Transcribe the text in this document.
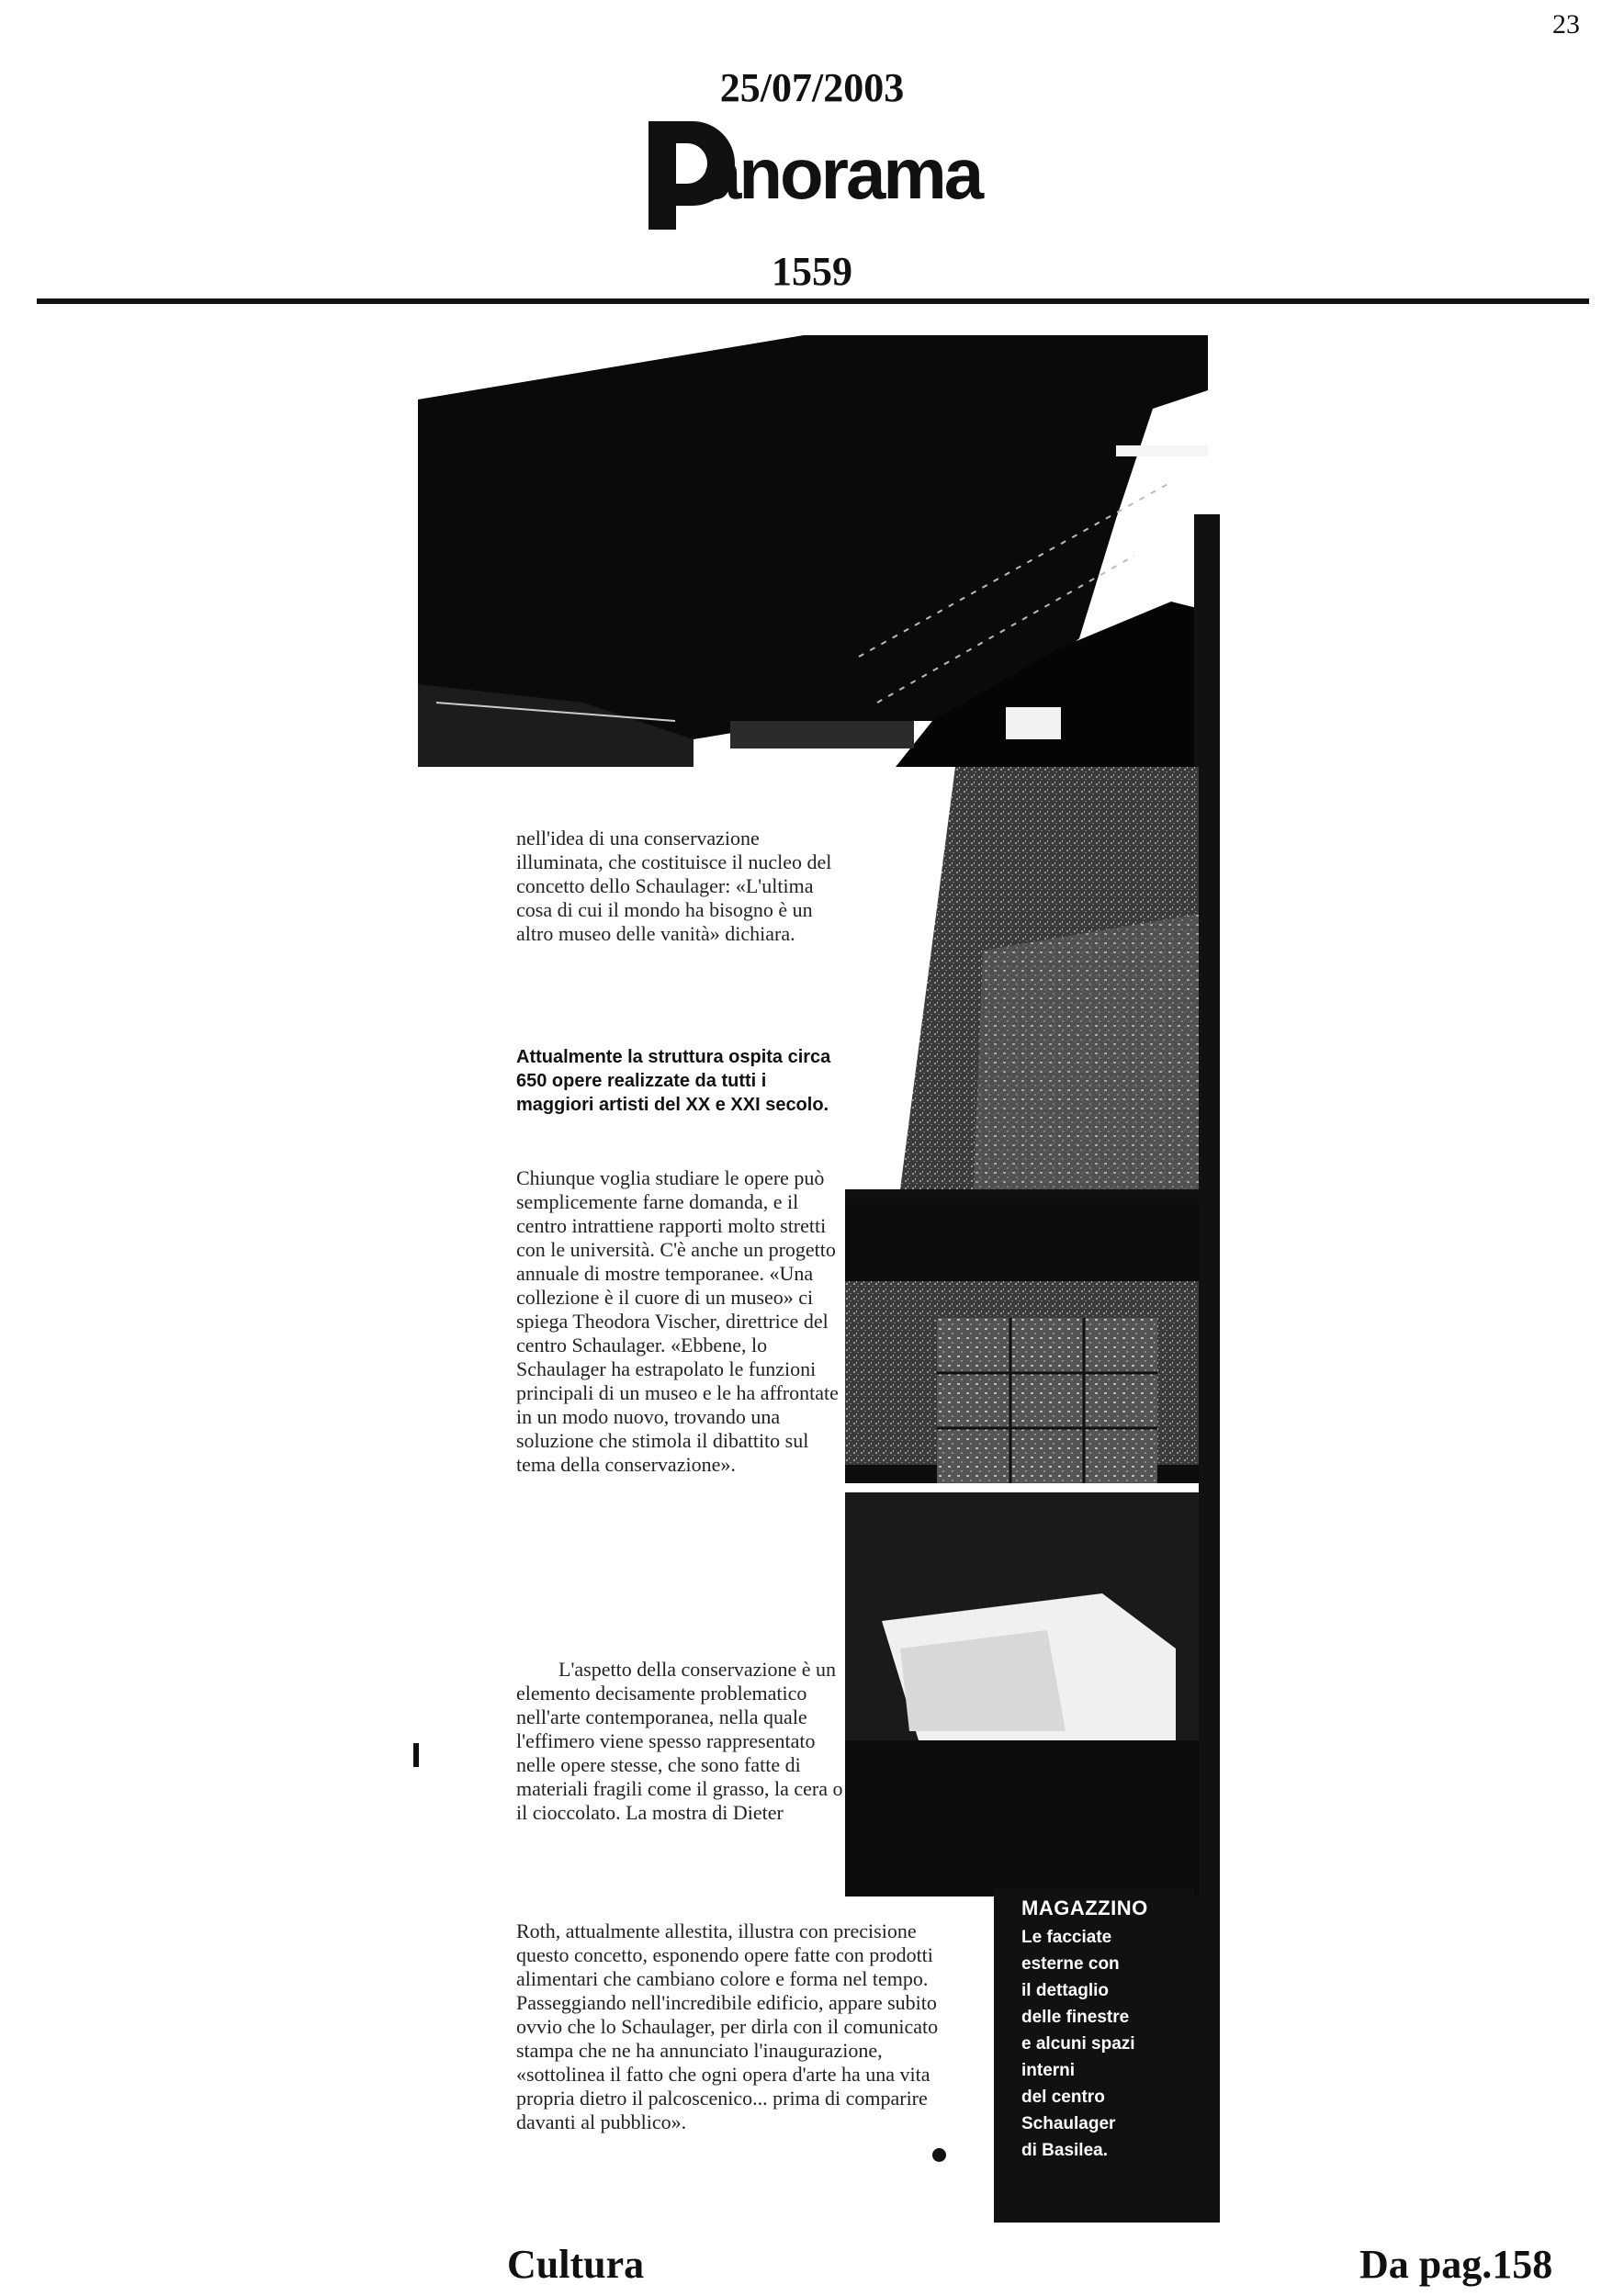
23
25/07/2003
anorama
1559
MAGAZZINO
Le facciate
esterne con
il dettaglio
delle finestre
e alcuni spazi
interni
del centro
Schaulager
di Basilea.
nell'idea di una conservazione illuminata, che costituisce il nucleo del concetto dello Schaulager: «L'ultima cosa di cui il mondo ha bisogno è un altro museo delle vanità» dichiara.
Attualmente la struttura ospita circa 650 opere realizzate da tutti i maggiori artisti del XX e XXI secolo.
Chiunque voglia studiare le opere può semplicemente farne domanda, e il centro intrattiene rapporti molto stretti con le università. C'è anche un progetto annuale di mostre temporanee. «Una collezione è il cuore di un museo» ci spiega Theodora Vischer, direttrice del centro Schaulager. «Ebbene, lo Schaulager ha estrapolato le funzioni principali di un museo e le ha affrontate in un modo nuovo, trovando una soluzione che stimola il dibattito sul tema della conservazione».
L'aspetto della conservazione è un elemento decisamente problematico nell'arte contemporanea, nella quale l'effimero viene spesso rappresentato nelle opere stesse, che sono fatte di materiali fragili come il grasso, la cera o il cioccolato. La mostra di Dieter
Roth, attualmente allestita, illustra con precisione questo concetto, esponendo opere fatte con prodotti alimentari che cambiano colore e forma nel tempo. Passeggiando nell'incredibile edificio, appare subito ovvio che lo Schaulager, per dirla con il comunicato stampa che ne ha annunciato l'inaugurazione, «sottolinea il fatto che ogni opera d'arte ha una vita propria dietro il palcoscenico... prima di comparire davanti al pubblico».
Cultura	Da pag.158
